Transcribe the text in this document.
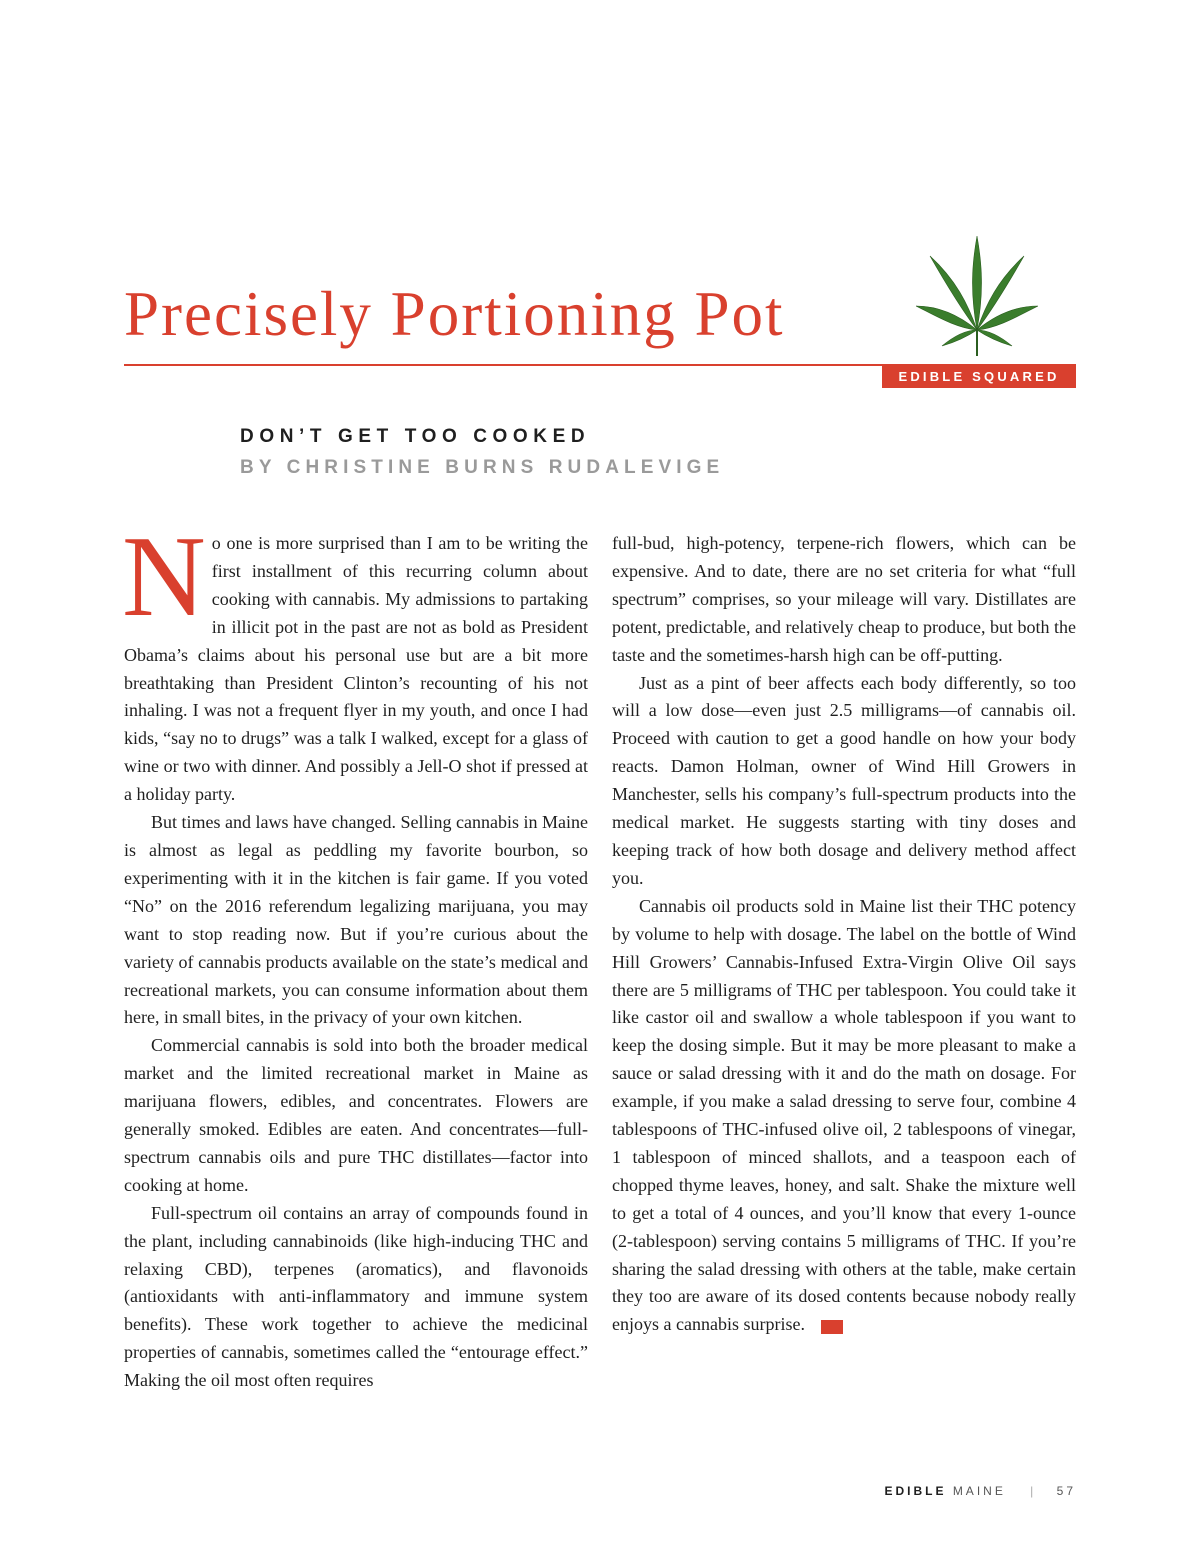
Precisely Portioning Pot
EDIBLE SQUARED
DON’T GET TOO COOKED
BY CHRISTINE BURNS RUDALEVIGE

No one is more surprised than I am to be writing the first installment of this recurring column about cooking with cannabis. My admissions to partaking in illicit pot in the past are not as bold as President Obama’s claims about his personal use but are a bit more breathtaking than President Clinton’s recounting of his not inhaling. I was not a frequent flyer in my youth, and once I had kids, “say no to drugs” was a talk I walked, except for a glass of wine or two with dinner. And possibly a Jell-O shot if pressed at a holiday party.

But times and laws have changed. Selling cannabis in Maine is almost as legal as peddling my favorite bourbon, so experimenting with it in the kitchen is fair game. If you voted “No” on the 2016 referendum legalizing marijuana, you may want to stop reading now. But if you’re curious about the variety of cannabis products available on the state’s medical and recreational markets, you can consume information about them here, in small bites, in the privacy of your own kitchen.

Commercial cannabis is sold into both the broader medical market and the limited recreational market in Maine as marijuana flowers, edibles, and concentrates. Flowers are generally smoked. Edibles are eaten. And concentrates—full-spectrum cannabis oils and pure THC distillates—factor into cooking at home.

Full-spectrum oil contains an array of compounds found in the plant, including cannabinoids (like high-inducing THC and relaxing CBD), terpenes (aromatics), and flavonoids (antioxidants with anti-inflammatory and immune system benefits). These work together to achieve the medicinal properties of cannabis, sometimes called the “entourage effect.” Making the oil most often requires

full-bud, high-potency, terpene-rich flowers, which can be expensive. And to date, there are no set criteria for what “full spectrum” comprises, so your mileage will vary. Distillates are potent, predictable, and relatively cheap to produce, but both the taste and the sometimes-harsh high can be off-putting.

Just as a pint of beer affects each body differently, so too will a low dose—even just 2.5 milligrams—of cannabis oil. Proceed with caution to get a good handle on how your body reacts. Damon Holman, owner of Wind Hill Growers in Manchester, sells his company’s full-spectrum products into the medical market. He suggests starting with tiny doses and keeping track of how both dosage and delivery method affect you.

Cannabis oil products sold in Maine list their THC potency by volume to help with dosage. The label on the bottle of Wind Hill Growers’ Cannabis-Infused Extra-Virgin Olive Oil says there are 5 milligrams of THC per tablespoon. You could take it like castor oil and swallow a whole tablespoon if you want to keep the dosing simple. But it may be more pleasant to make a sauce or salad dressing with it and do the math on dosage. For example, if you make a salad dressing to serve four, combine 4 tablespoons of THC-infused olive oil, 2 tablespoons of vinegar, 1 tablespoon of minced shallots, and a teaspoon each of chopped thyme leaves, honey, and salt. Shake the mixture well to get a total of 4 ounces, and you’ll know that every 1-ounce (2-tablespoon) serving contains 5 milligrams of THC. If you’re sharing the salad dressing with others at the table, make certain they too are aware of its dosed contents because nobody really enjoys a cannabis surprise.	EM

EDIBLE MAINE | 57
